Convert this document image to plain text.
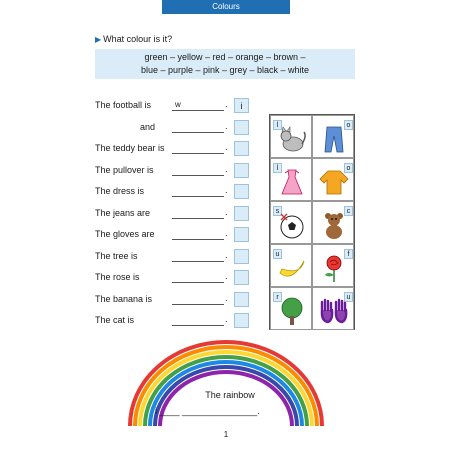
Colours
▶ What colour is it?
green – yellow – red – orange – brown –
blue – purple – pink – grey – black – white
The football is	w	.	i
and	.
The teddy bear is	.
The pullover is	.
The dress is	.
The jeans are	.
The gloves are	.
The tree is	.
The rose is	.
The banana is	.
The cat is	.
l	o
l	o
s	c
u	f
r	u
The rainbow
i ____ _______________.
1
